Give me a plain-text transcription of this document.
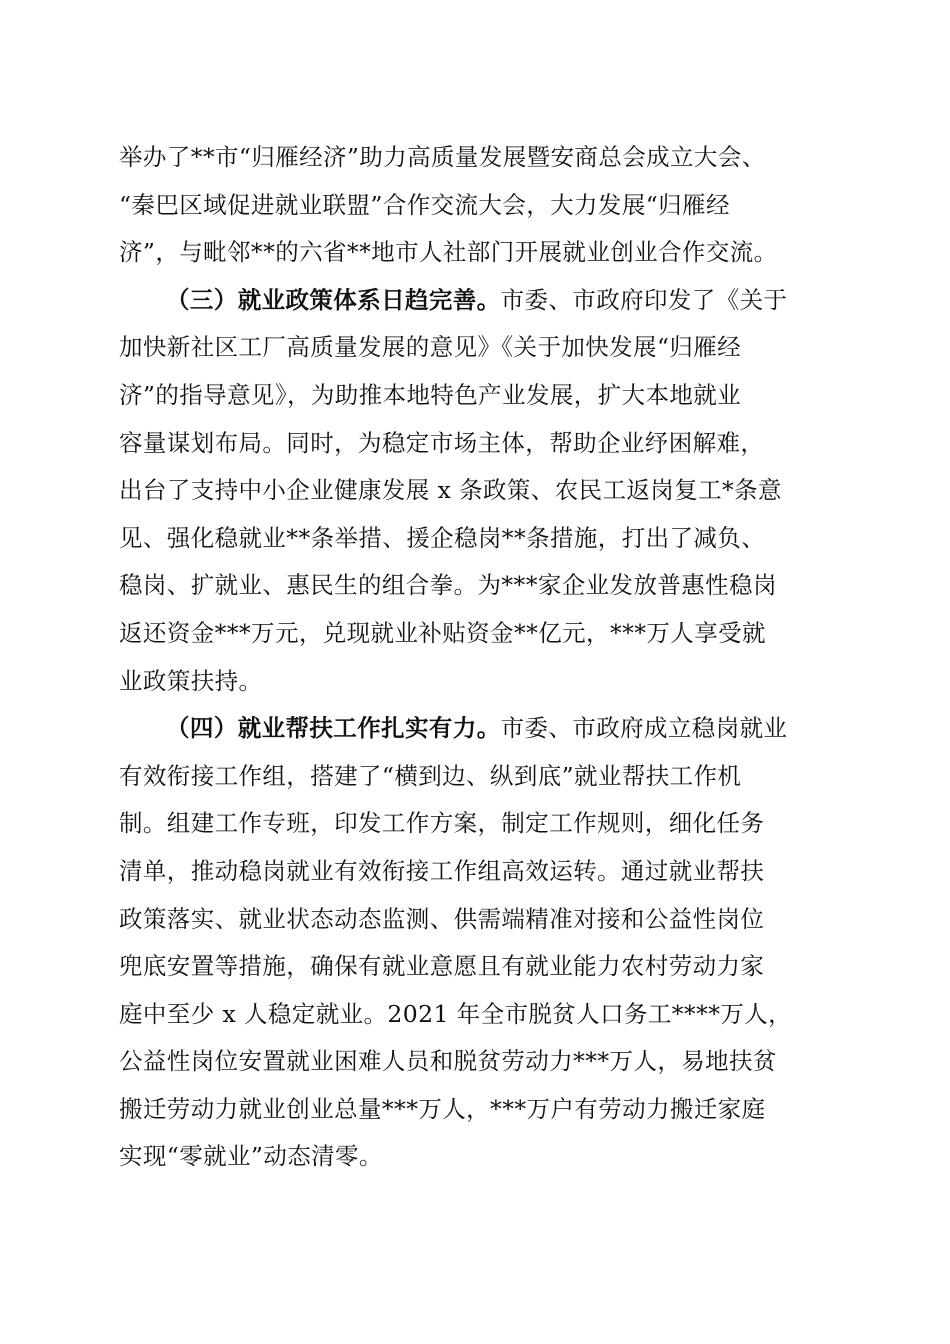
举办了**市“归雁经济”助力高质量发展暨安商总会成立大会、
“秦巴区域促进就业联盟”合作交流大会，大力发展“归雁经
济”，与毗邻**的六省**地市人社部门开展就业创业合作交流。
（三）就业政策体系日趋完善。市委、市政府印发了《关于
加快新社区工厂高质量发展的意见》《关于加快发展“归雁经
济”的指导意见》，为助推本地特色产业发展，扩大本地就业
容量谋划布局。同时，为稳定市场主体，帮助企业纾困解难，
出台了支持中小企业健康发展 x 条政策、农民工返岗复工*条意
见、强化稳就业**条举措、援企稳岗**条措施，打出了减负、
稳岗、扩就业、惠民生的组合拳。为***家企业发放普惠性稳岗
返还资金***万元，兑现就业补贴资金**亿元，***万人享受就
业政策扶持。
（四）就业帮扶工作扎实有力。市委、市政府成立稳岗就业
有效衔接工作组，搭建了“横到边、纵到底”就业帮扶工作机
制。组建工作专班，印发工作方案，制定工作规则，细化任务
清单，推动稳岗就业有效衔接工作组高效运转。通过就业帮扶
政策落实、就业状态动态监测、供需端精准对接和公益性岗位
兜底安置等措施，确保有就业意愿且有就业能力农村劳动力家
庭中至少 x 人稳定就业。2021 年全市脱贫人口务工****万人，
公益性岗位安置就业困难人员和脱贫劳动力***万人，易地扶贫
搬迁劳动力就业创业总量***万人，***万户有劳动力搬迁家庭
实现“零就业”动态清零。
